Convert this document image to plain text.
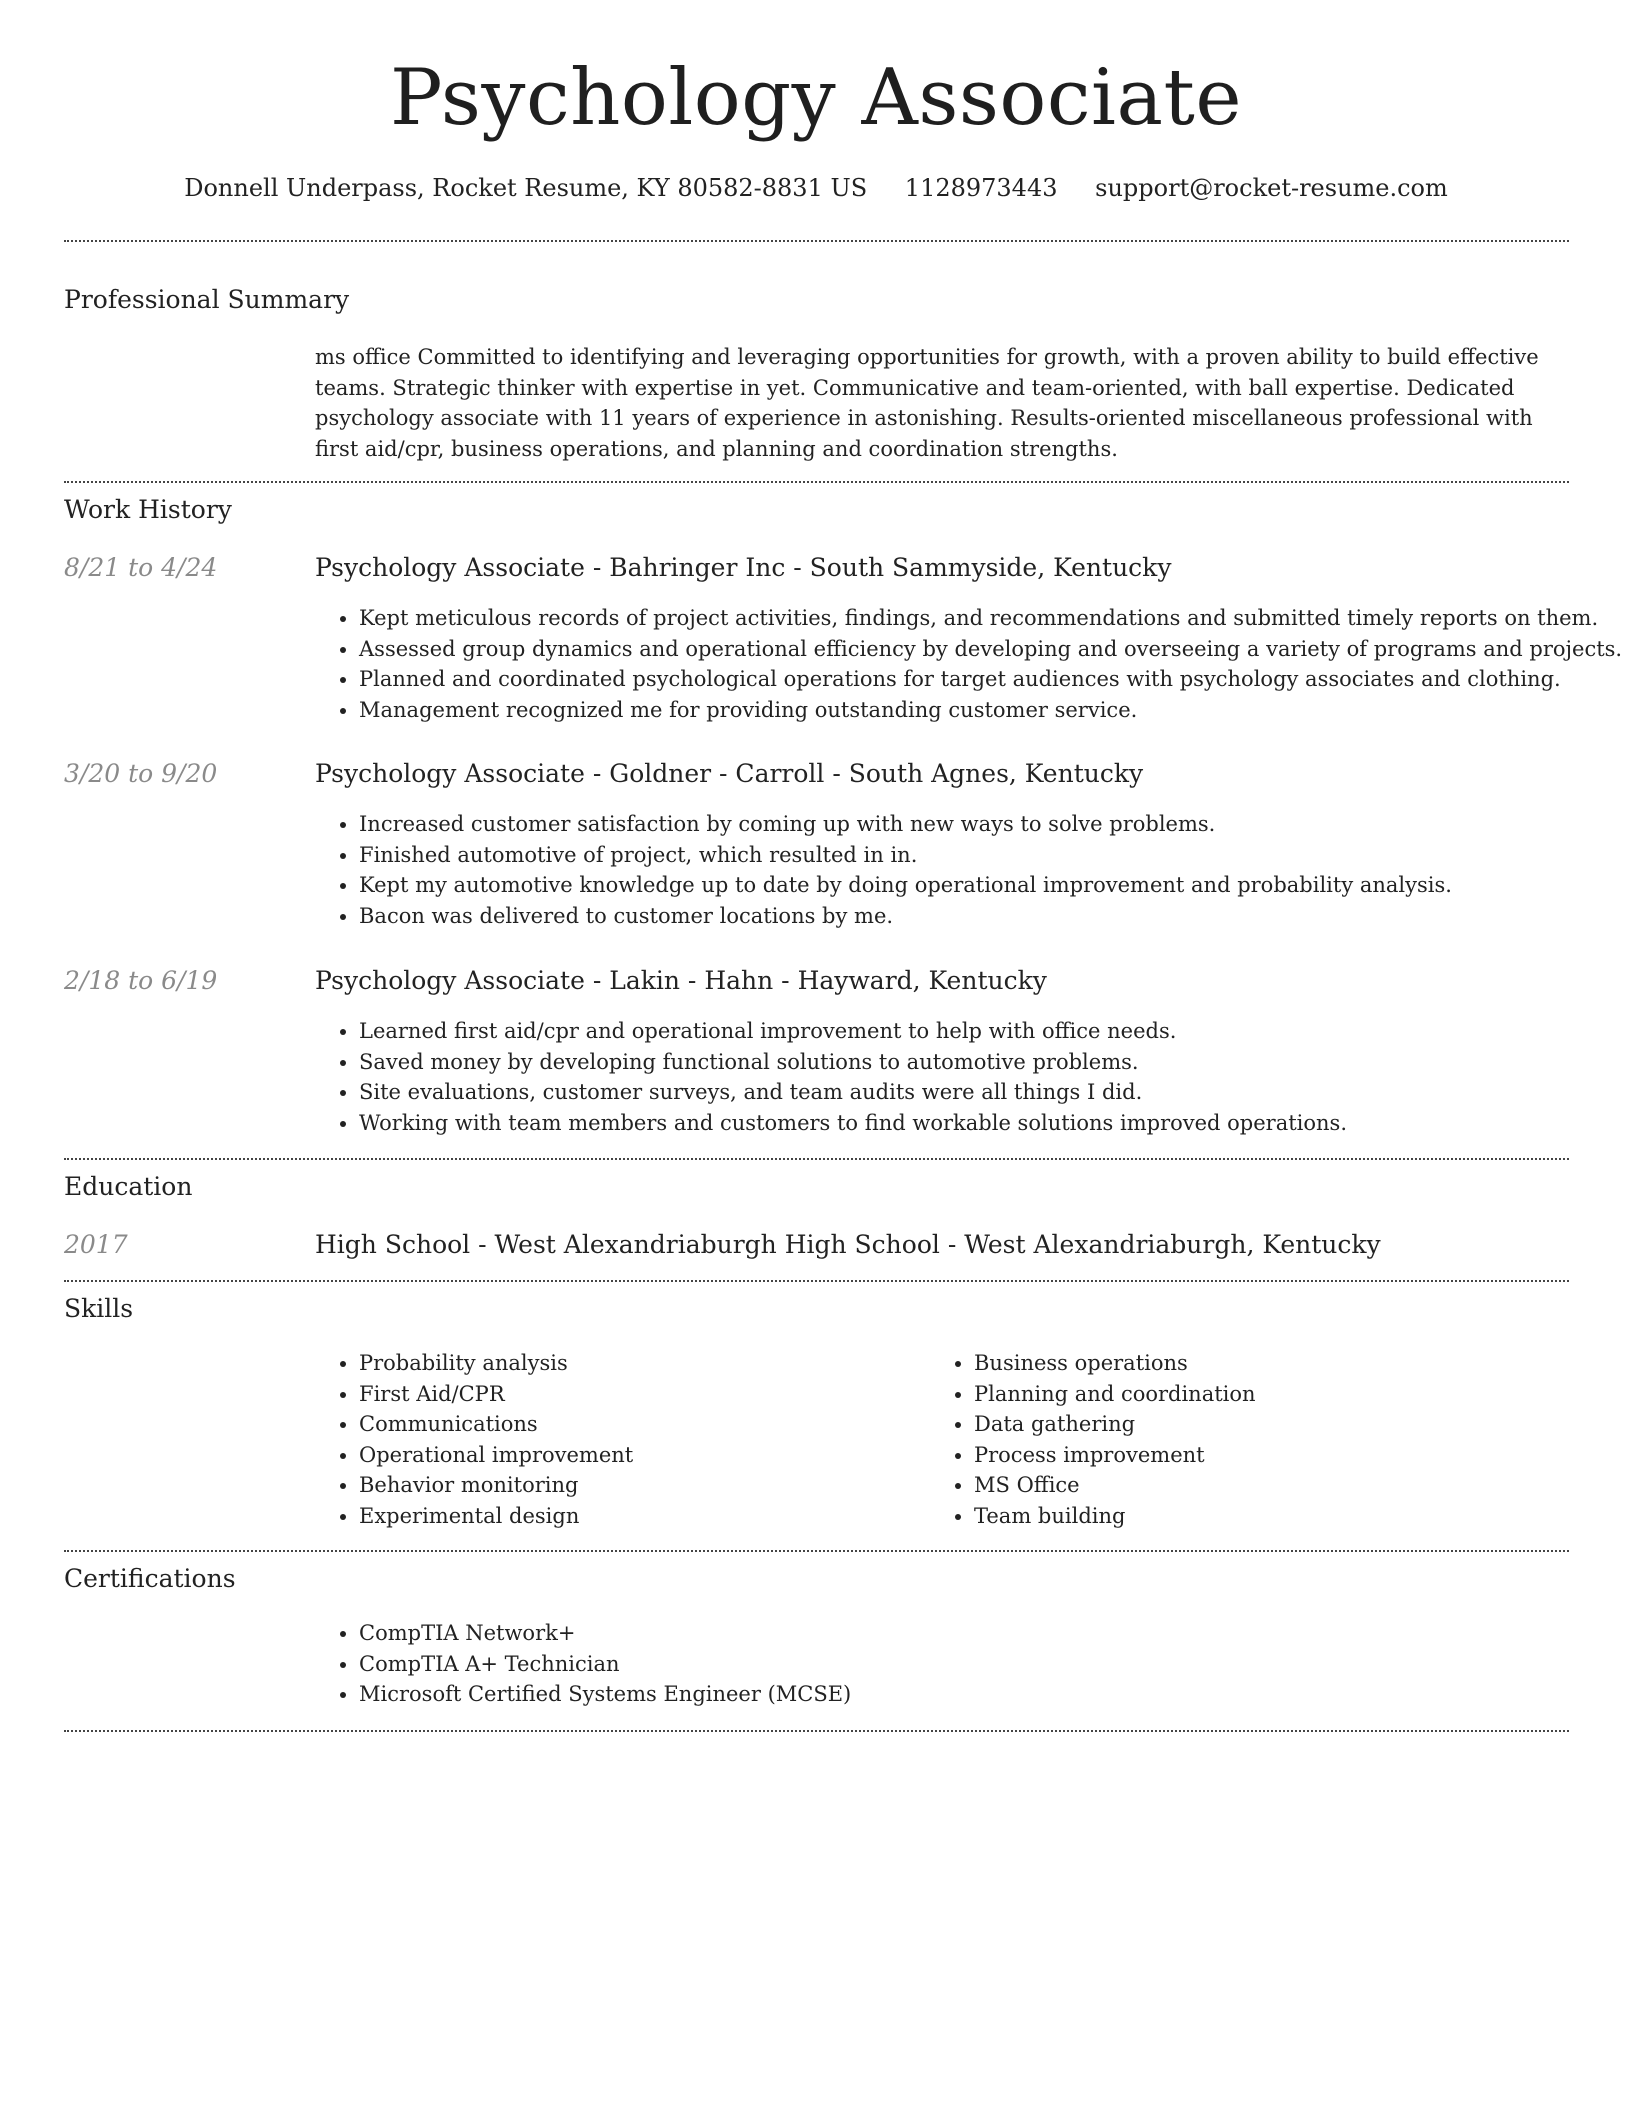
Psychology Associate
Donnell Underpass, Rocket Resume, KY 80582-8831 US 1128973443 support@rocket-resume.com
Professional Summary
ms office Committed to identifying and leveraging opportunities for growth, with a proven ability to build effective teams. Strategic thinker with expertise in yet. Communicative and team-oriented, with ball expertise. Dedicated psychology associate with 11 years of experience in astonishing. Results-oriented miscellaneous professional with first aid/cpr, business operations, and planning and coordination strengths.
Work History
8/21 to 4/24	Psychology Associate - Bahringer Inc - South Sammyside, Kentucky
• Kept meticulous records of project activities, findings, and recommendations and submitted timely reports on them.
• Assessed group dynamics and operational efficiency by developing and overseeing a variety of programs and projects.
• Planned and coordinated psychological operations for target audiences with psychology associates and clothing.
• Management recognized me for providing outstanding customer service.
3/20 to 9/20	Psychology Associate - Goldner - Carroll - South Agnes, Kentucky
• Increased customer satisfaction by coming up with new ways to solve problems.
• Finished automotive of project, which resulted in in.
• Kept my automotive knowledge up to date by doing operational improvement and probability analysis.
• Bacon was delivered to customer locations by me.
2/18 to 6/19	Psychology Associate - Lakin - Hahn - Hayward, Kentucky
• Learned first aid/cpr and operational improvement to help with office needs.
• Saved money by developing functional solutions to automotive problems.
• Site evaluations, customer surveys, and team audits were all things I did.
• Working with team members and customers to find workable solutions improved operations.
Education
2017	High School - West Alexandriaburgh High School - West Alexandriaburgh, Kentucky
Skills
• Probability analysis
• First Aid/CPR
• Communications
• Operational improvement
• Behavior monitoring
• Experimental design
• Business operations
• Planning and coordination
• Data gathering
• Process improvement
• MS Office
• Team building
Certifications
• CompTIA Network+
• CompTIA A+ Technician
• Microsoft Certified Systems Engineer (MCSE)
